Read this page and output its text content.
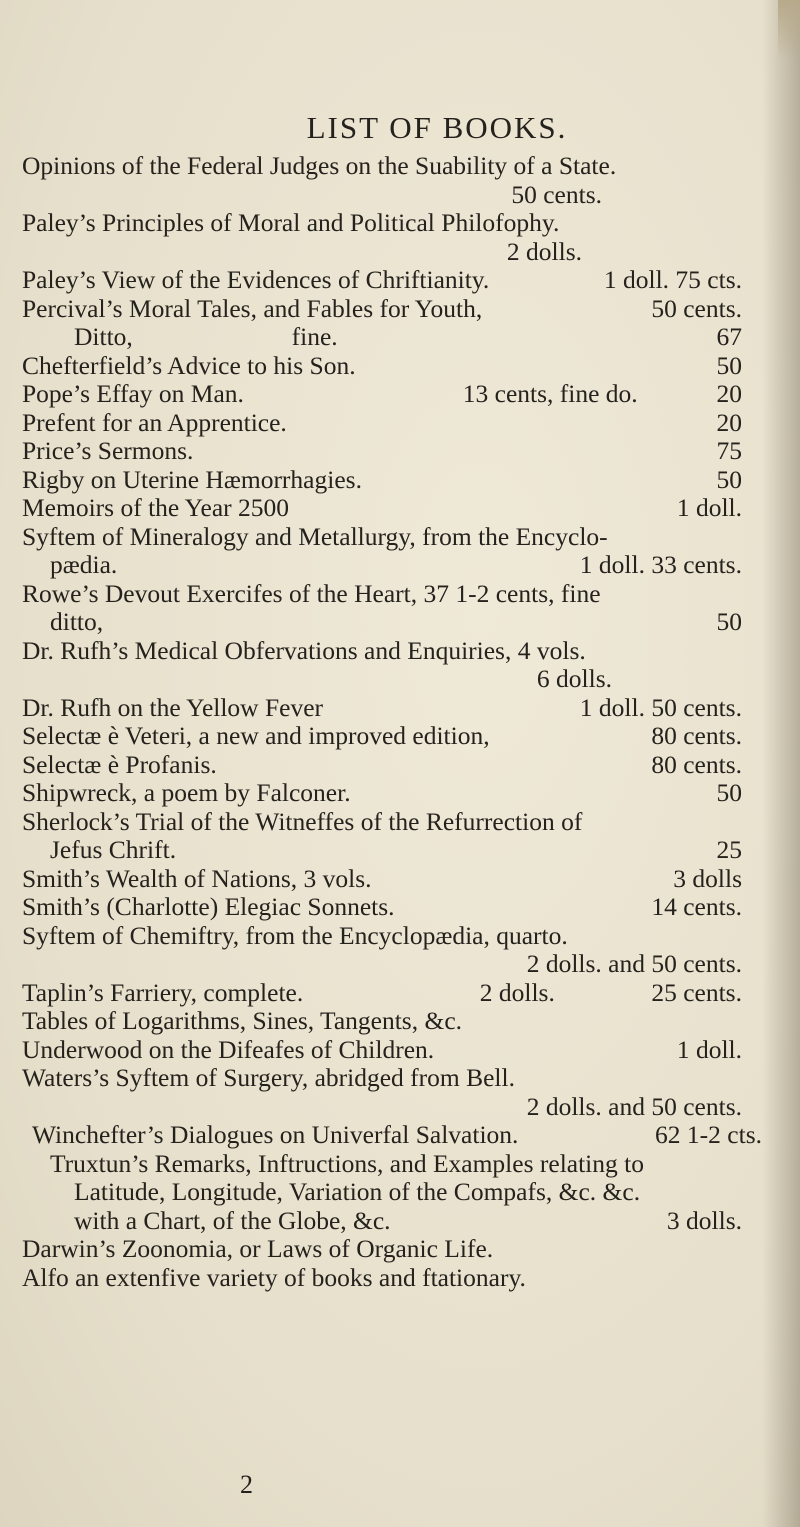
LIST OF BOOKS.
Opinions of the Federal Judges on the Suability of a State.
50 cents.
Paley’s Principles of Moral and Political Philofophy.
2 dolls.
Paley’s View of the Evidences of Chriftianity.	1 doll. 75 cts.
Percival’s Moral Tales, and Fables for Youth,	50 cents.
Ditto,	fine.	67
Chefterfield’s Advice to his Son.	50
Pope’s Effay on Man.	13 cents, fine do.	20
Prefent for an Apprentice.	20
Price’s Sermons.	75
Rigby on Uterine Hæmorrhagies.	50
Memoirs of the Year 2500	1 doll.
Syftem of Mineralogy and Metallurgy, from the Encyclo-
pædia.	1 doll. 33 cents.
Rowe’s Devout Exercifes of the Heart, 37 1-2 cents, fine
ditto,	50
Dr. Rufh’s Medical Obfervations and Enquiries, 4 vols.
6 dolls.
Dr. Rufh on the Yellow Fever	1 doll. 50 cents.
Selectæ è Veteri, a new and improved edition,	80 cents.
Selectæ è Profanis.	80 cents.
Shipwreck, a poem by Falconer.	50
Sherlock’s Trial of the Witneffes of the Refurrection of
Jefus Chrift.	25
Smith’s Wealth of Nations, 3 vols.	3 dolls
Smith’s (Charlotte) Elegiac Sonnets.	14 cents.
Syftem of Chemiftry, from the Encyclopædia, quarto.
2 dolls. and 50 cents.
Taplin’s Farriery, complete.	2 dolls.	25 cents.
Tables of Logarithms, Sines, Tangents, &c.
Underwood on the Difeafes of Children.	1 doll.
Waters’s Syftem of Surgery, abridged from Bell.
2 dolls. and 50 cents.
Winchefter’s Dialogues on Univerfal Salvation.	62 1-2 cts.
Truxtun’s Remarks, Inftructions, and Examples relating to
Latitude, Longitude, Variation of the Compafs, &c. &c.
with a Chart, of the Globe, &c.	3 dolls.
Darwin’s Zoonomia, or Laws of Organic Life.
Alfo an extenfive variety of books and ftationary.
2
